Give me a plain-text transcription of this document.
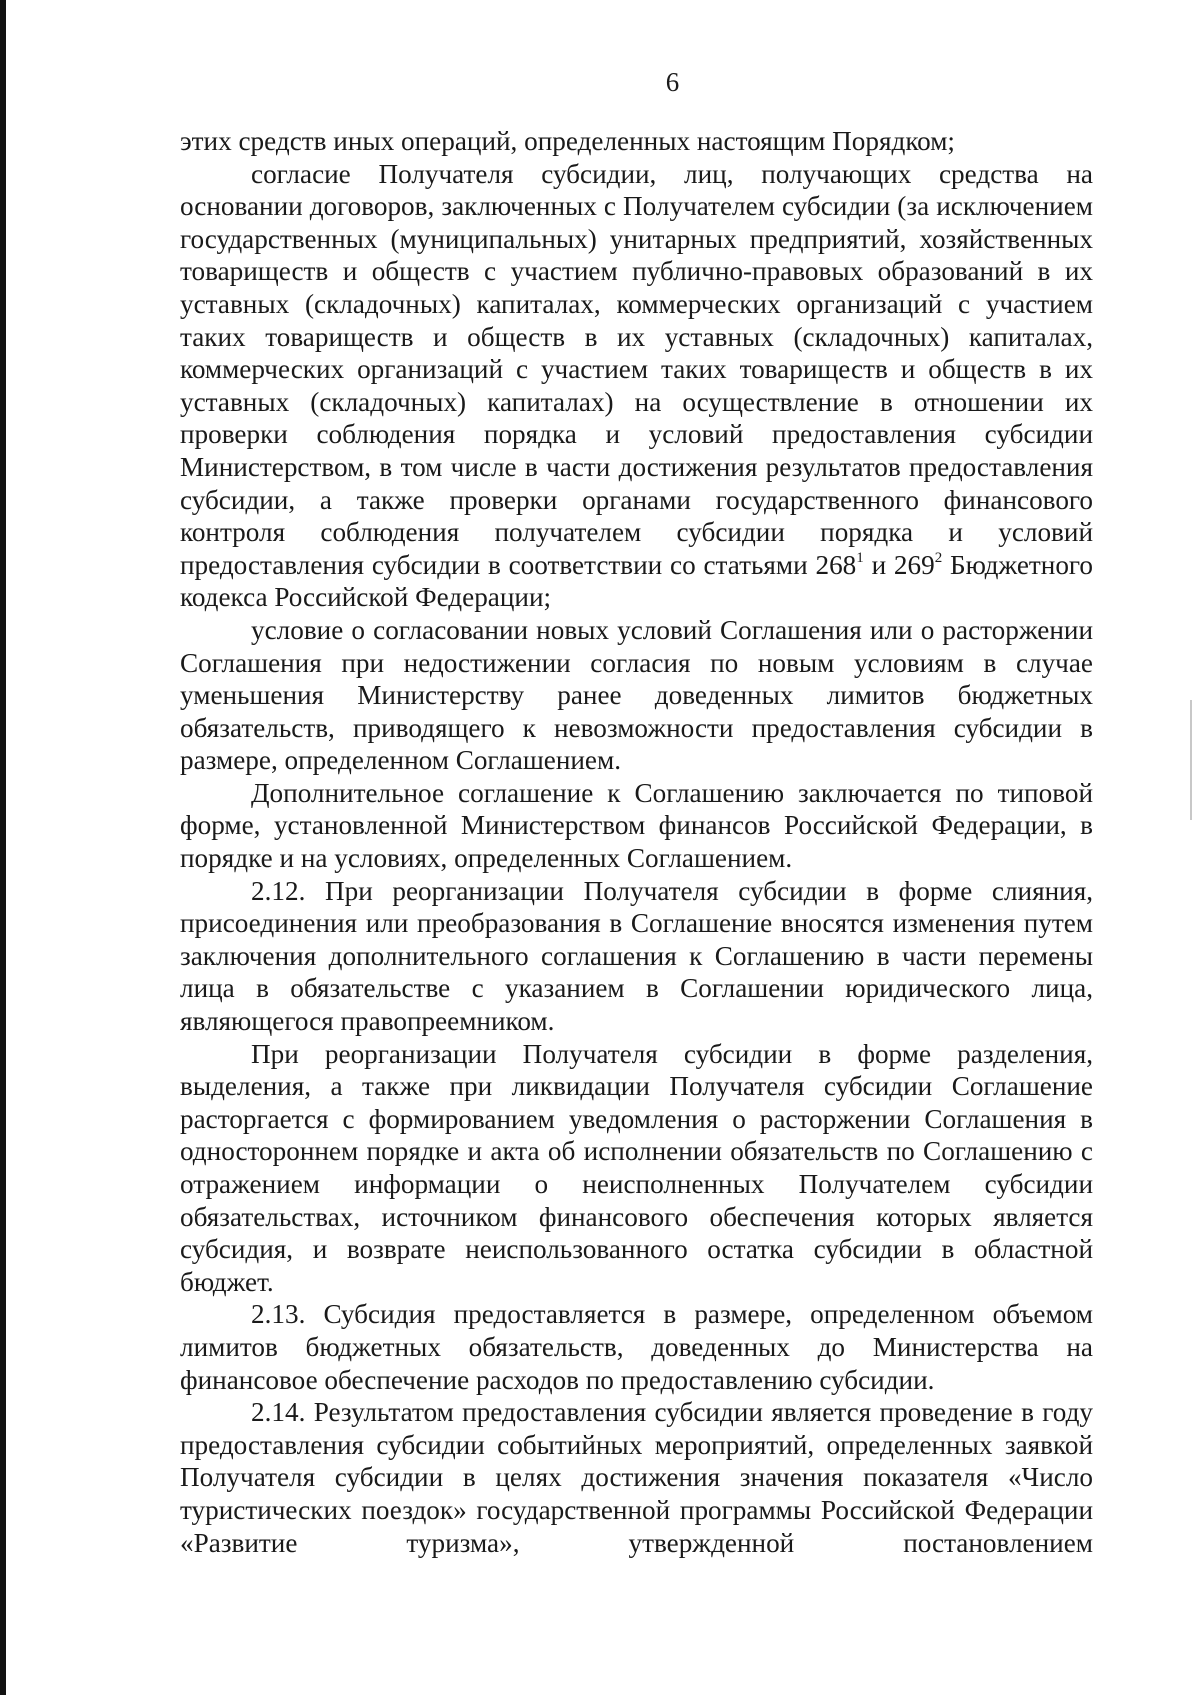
6

этих средств иных операций, определенных настоящим Порядком;

согласие Получателя субсидии, лиц, получающих средства на основании договоров, заключенных с Получателем субсидии (за исключением государственных (муниципальных) унитарных предприятий, хозяйственных товариществ и обществ с участием публично-правовых образований в их уставных (складочных) капиталах, коммерческих организаций с участием таких товариществ и обществ в их уставных (складочных) капиталах, коммерческих организаций с участием таких товариществ и обществ в их уставных (складочных) капиталах) на осуществление в отношении их проверки соблюдения порядка и условий предоставления субсидии Министерством, в том числе в части достижения результатов предоставления субсидии, а также проверки органами государственного финансового контроля соблюдения получателем субсидии порядка и условий предоставления субсидии в соответствии со статьями $268^1$ и $269^2$ Бюджетного кодекса Российской Федерации;

условие о согласовании новых условий Соглашения или о расторжении Соглашения при недостижении согласия по новым условиям в случае уменьшения Министерству ранее доведенных лимитов бюджетных обязательств, приводящего к невозможности предоставления субсидии в размере, определенном Соглашением.

Дополнительное соглашение к Соглашению заключается по типовой форме, установленной Министерством финансов Российской Федерации, в порядке и на условиях, определенных Соглашением.

2.12. При реорганизации Получателя субсидии в форме слияния, присоединения или преобразования в Соглашение вносятся изменения путем заключения дополнительного соглашения к Соглашению в части перемены лица в обязательстве с указанием в Соглашении юридического лица, являющегося правопреемником.

При реорганизации Получателя субсидии в форме разделения, выделения, а также при ликвидации Получателя субсидии Соглашение расторгается с формированием уведомления о расторжении Соглашения в одностороннем порядке и акта об исполнении обязательств по Соглашению с отражением информации о неисполненных Получателем субсидии обязательствах, источником финансового обеспечения которых является субсидия, и возврате неиспользованного остатка субсидии в областной бюджет.

2.13. Субсидия предоставляется в размере, определенном объемом лимитов бюджетных обязательств, доведенных до Министерства на финансовое обеспечение расходов по предоставлению субсидии.

2.14. Результатом предоставления субсидии является проведение в году предоставления субсидии событийных мероприятий, определенных заявкой Получателя субсидии в целях достижения значения показателя «Число туристических поездок» государственной программы Российской Федерации «Развитие туризма», утвержденной постановлением
